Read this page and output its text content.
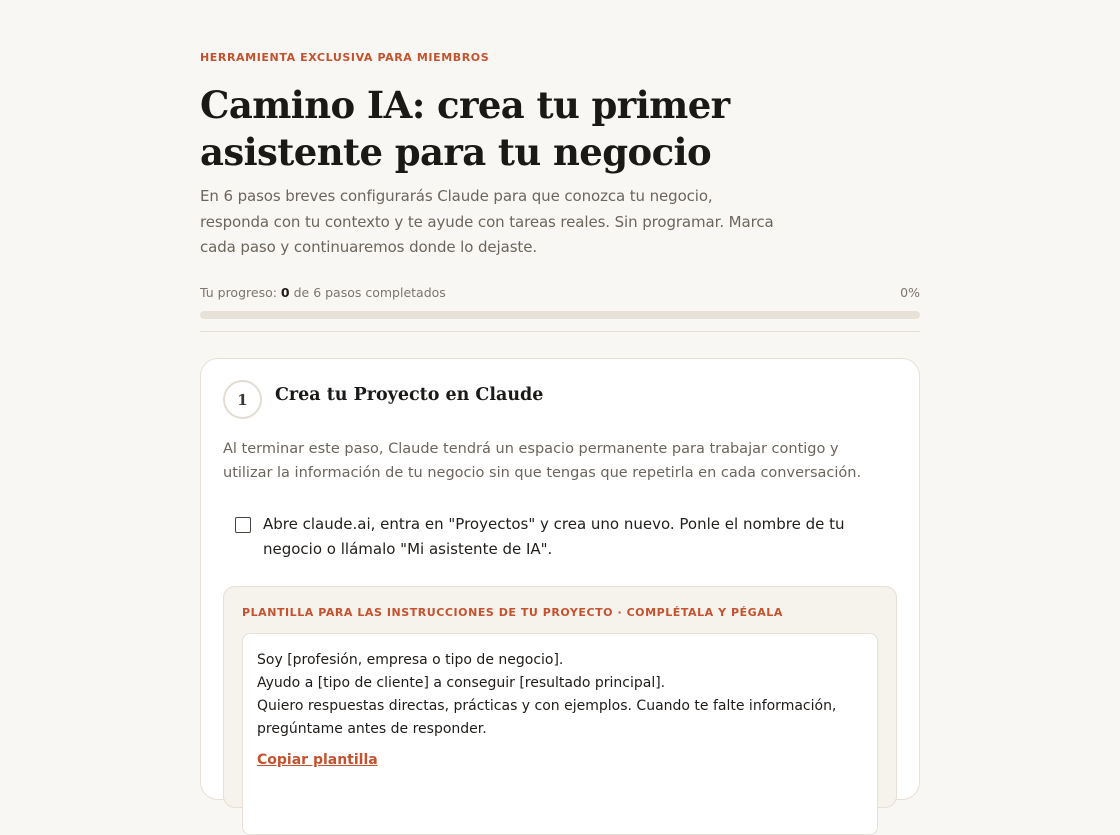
HERRAMIENTA EXCLUSIVA PARA MIEMBROS
Camino IA: crea tu primer asistente para tu negocio

En 6 pasos breves configurarás Claude para que conozca tu negocio, responda con tu contexto y te ayude con tareas reales. Sin programar. Marca cada paso y continuaremos donde lo dejaste.

Tu progreso: 0 de 6 pasos completados	0%
1	Crea tu Proyecto en Claude

Al terminar este paso, Claude tendrá un espacio permanente para trabajar contigo y utilizar la información de tu negocio sin que tengas que repetirla en cada conversación.

Abre claude.ai, entra en "Proyectos" y crea uno nuevo. Ponle el nombre de tu negocio o llámalo "Mi asistente de IA".
PLANTILLA PARA LAS INSTRUCCIONES DE TU PROYECTO · COMPLÉTALA Y PÉGALA
Soy [profesión, empresa o tipo de negocio].
Ayudo a [tipo de cliente] a conseguir [resultado principal].
Quiero respuestas directas, prácticas y con ejemplos. Cuando te falte información,
pregúntame antes de responder.
Copiar plantilla
